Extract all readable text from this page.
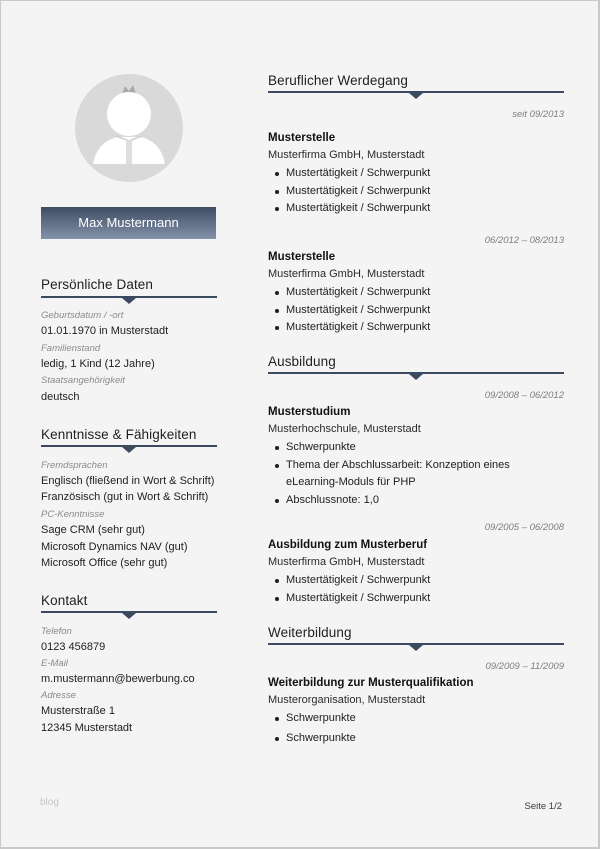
Max Mustermann
Persönliche Daten
Geburtsdatum / -ort
01.01.1970 in Musterstadt
Familienstand
ledig, 1 Kind (12 Jahre)
Staatsangehörigkeit
deutsch
Kenntnisse & Fähigkeiten
Fremdsprachen
Englisch (fließend in Wort & Schrift)
Französisch (gut in Wort & Schrift)
PC-Kenntnisse
Sage CRM (sehr gut)
Microsoft Dynamics NAV (gut)
Microsoft Office (sehr gut)
Kontakt
Telefon
0123 456879
E-Mail
m.mustermann@bewerbung.co
Adresse
Musterstraße 1
12345 Musterstadt
Beruflicher Werdegang
seit 09/2013
Musterstelle
Musterfirma GmbH, Musterstadt
Mustertätigkeit / Schwerpunkt
Mustertätigkeit / Schwerpunkt
Mustertätigkeit / Schwerpunkt
06/2012 – 08/2013
Musterstelle
Musterfirma GmbH, Musterstadt
Mustertätigkeit / Schwerpunkt
Mustertätigkeit / Schwerpunkt
Mustertätigkeit / Schwerpunkt
Ausbildung
09/2008 – 06/2012
Musterstudium
Musterhochschule, Musterstadt
Schwerpunkte
Thema der Abschlussarbeit: Konzeption eines eLearning-Moduls für PHP
Abschlussnote: 1,0
09/2005 – 06/2008
Ausbildung zum Musterberuf
Musterfirma GmbH, Musterstadt
Mustertätigkeit / Schwerpunkt
Mustertätigkeit / Schwerpunkt
Weiterbildung
09/2009 – 11/2009
Weiterbildung zur Musterqualifikation
Musterorganisation, Musterstadt
Schwerpunkte
Schwerpunkte
blog	Seite 1/2
